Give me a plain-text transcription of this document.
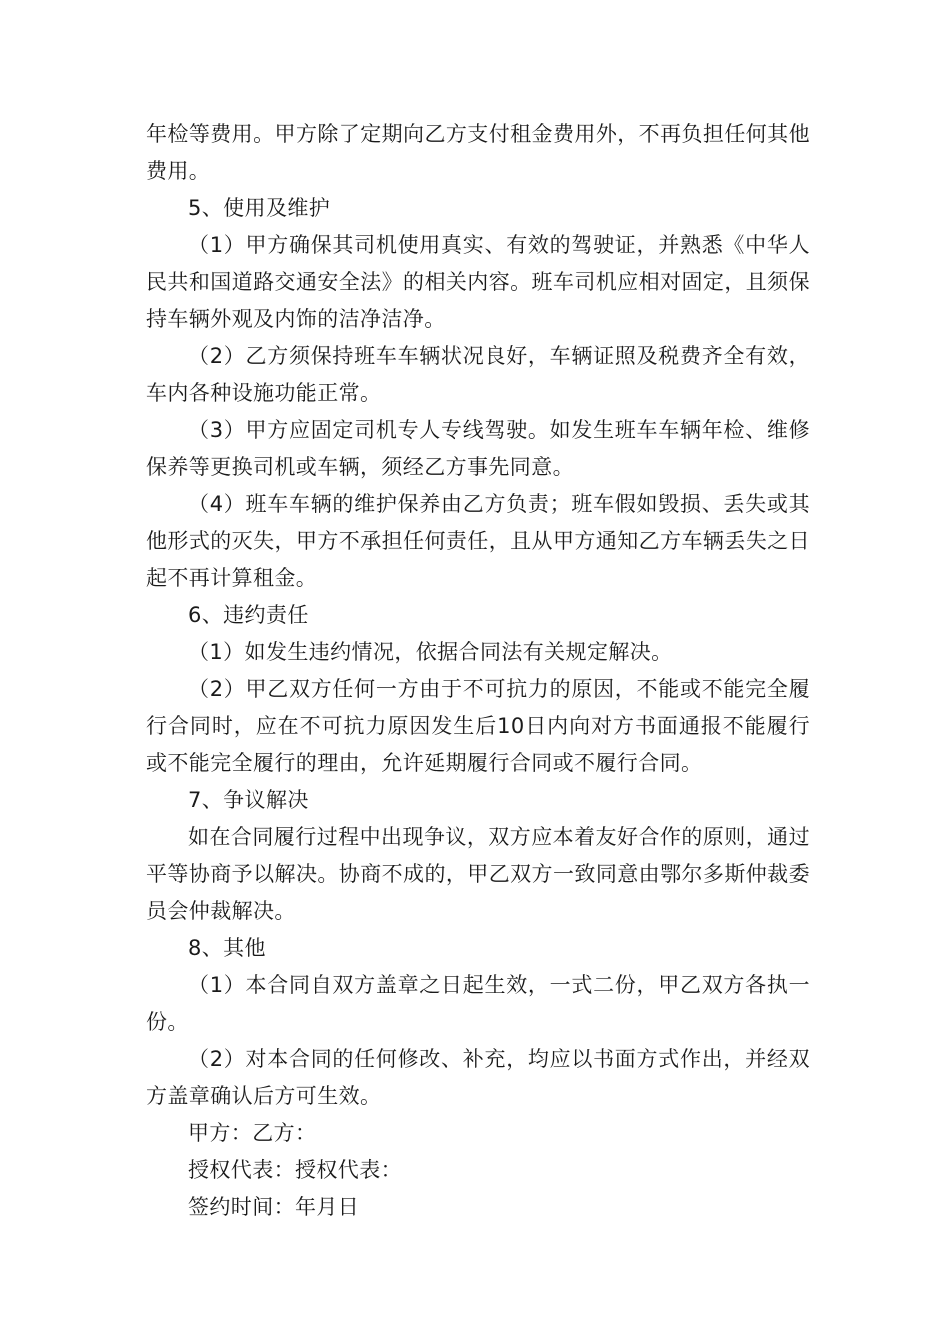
年检等费用。甲方除了定期向乙方支付租金费用外，不再负担任何其他费用。

5、使用及维护

（1）甲方确保其司机使用真实、有效的驾驶证，并熟悉《中华人民共和国道路交通安全法》的相关内容。班车司机应相对固定，且须保持车辆外观及内饰的洁净洁净。

（2）乙方须保持班车车辆状况良好，车辆证照及税费齐全有效，车内各种设施功能正常。

（3）甲方应固定司机专人专线驾驶。如发生班车车辆年检、维修保养等更换司机或车辆，须经乙方事先同意。

（4）班车车辆的维护保养由乙方负责；班车假如毁损、丢失或其他形式的灭失，甲方不承担任何责任，且从甲方通知乙方车辆丢失之日起不再计算租金。

6、违约责任

（1）如发生违约情况，依据合同法有关规定解决。

（2）甲乙双方任何一方由于不可抗力的原因，不能或不能完全履行合同时，应在不可抗力原因发生后10日内向对方书面通报不能履行或不能完全履行的理由，允许延期履行合同或不履行合同。

7、争议解决

如在合同履行过程中出现争议，双方应本着友好合作的原则，通过平等协商予以解决。协商不成的，甲乙双方一致同意由鄂尔多斯仲裁委员会仲裁解决。

8、其他

（1）本合同自双方盖章之日起生效，一式二份，甲乙双方各执一份。

（2）对本合同的任何修改、补充，均应以书面方式作出，并经双方盖章确认后方可生效。

甲方：乙方：

授权代表：授权代表：

签约时间：年月日
